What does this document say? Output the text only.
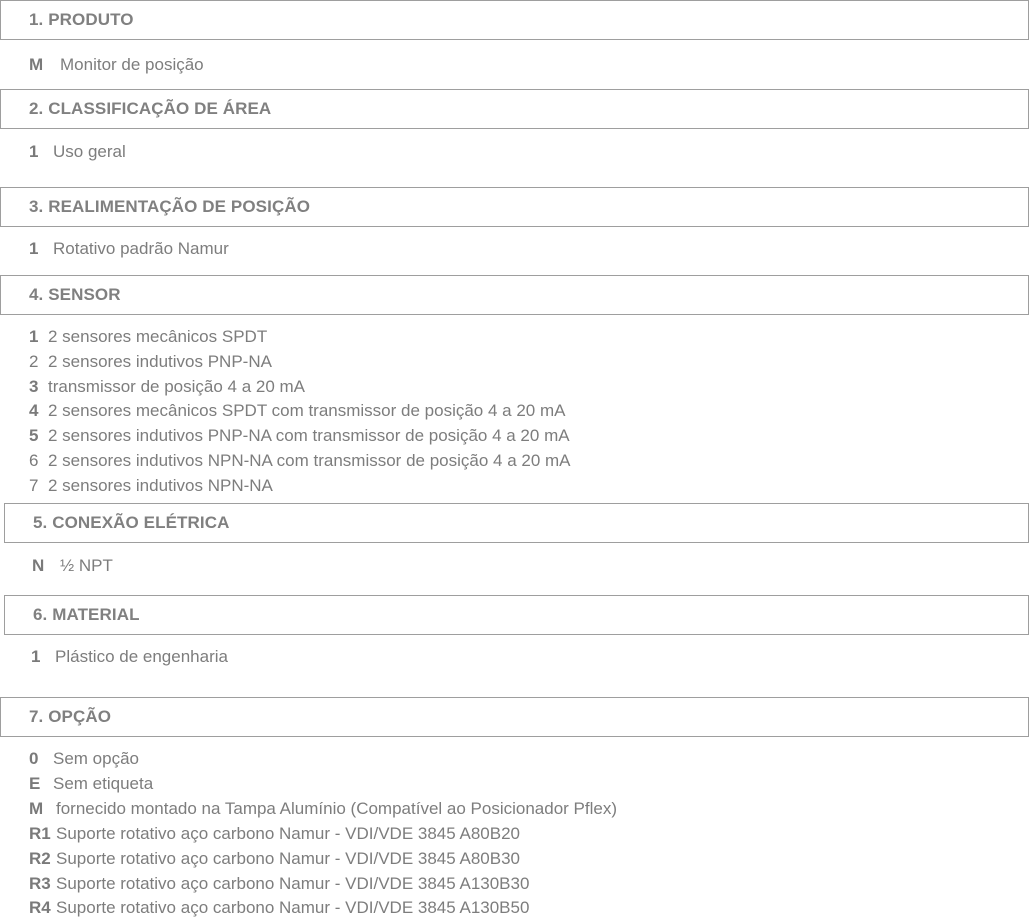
1. PRODUTO
M Monitor de posição
2. CLASSIFICAÇÃO DE ÁREA
1 Uso geral
3. REALIMENTAÇÃO DE POSIÇÃO
1 Rotativo padrão Namur
4. SENSOR
1 2 sensores mecânicos SPDT
2 2 sensores indutivos PNP-NA
3 transmissor de posição 4 a 20 mA
4 2 sensores mecânicos SPDT com transmissor de posição 4 a 20 mA
5 2 sensores indutivos PNP-NA com transmissor de posição 4 a 20 mA
6 2 sensores indutivos NPN-NA com transmissor de posição 4 a 20 mA
7 2 sensores indutivos NPN-NA
5. CONEXÃO ELÉTRICA
N ½ NPT
6. MATERIAL
1 Plástico de engenharia
7. OPÇÃO
0 Sem opção
E Sem etiqueta
M fornecido montado na Tampa Alumínio (Compatível ao Posicionador Pflex)
R1 Suporte rotativo aço carbono Namur - VDI/VDE 3845 A80B20
R2 Suporte rotativo aço carbono Namur - VDI/VDE 3845 A80B30
R3 Suporte rotativo aço carbono Namur - VDI/VDE 3845 A130B30
R4 Suporte rotativo aço carbono Namur - VDI/VDE 3845 A130B50
